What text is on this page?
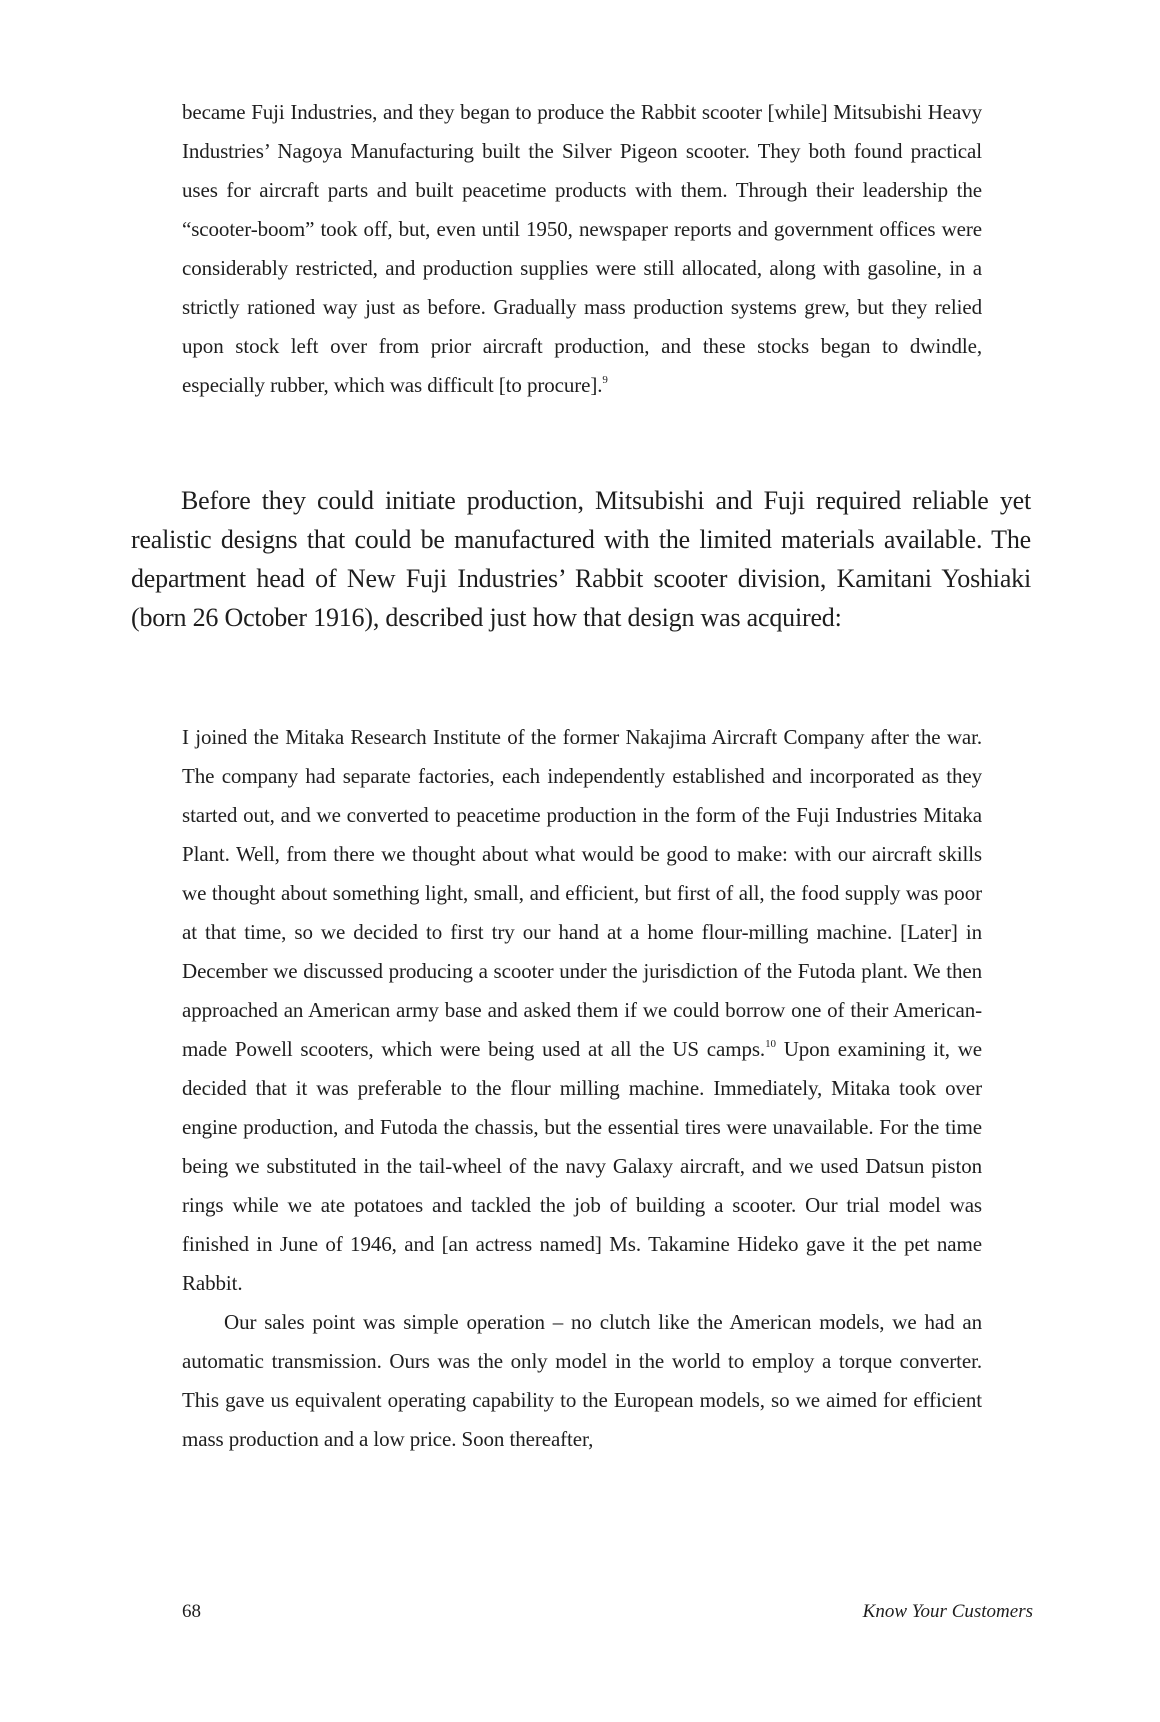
became Fuji Industries, and they began to produce the Rabbit scooter [while] Mitsubishi Heavy Industries’ Nagoya Manufacturing built the Silver Pigeon scooter. They both found practical uses for aircraft parts and built peacetime products with them. Through their leadership the “scooter-boom” took off, but, even until 1950, newspaper reports and government offices were considerably restricted, and production supplies were still allocated, along with gasoline, in a strictly rationed way just as before. Gradually mass production systems grew, but they relied upon stock left over from prior aircraft production, and these stocks began to dwindle, especially rubber, which was difficult [to procure].$^9$

Before they could initiate production, Mitsubishi and Fuji required reliable yet realistic designs that could be manufactured with the limited materials available. The department head of New Fuji Industries’ Rabbit scooter division, Kamitani Yoshiaki (born 26 October 1916), described just how that design was acquired:

I joined the Mitaka Research Institute of the former Nakajima Aircraft Company after the war. The company had separate factories, each independently established and incorporated as they started out, and we converted to peacetime production in the form of the Fuji Industries Mitaka Plant. Well, from there we thought about what would be good to make: with our aircraft skills we thought about something light, small, and efficient, but first of all, the food supply was poor at that time, so we decided to first try our hand at a home flour-milling machine. [Later] in December we discussed producing a scooter under the jurisdiction of the Futoda plant. We then approached an American army base and asked them if we could borrow one of their American-made Powell scooters, which were being used at all the US camps.$^{10}$ Upon examining it, we decided that it was preferable to the flour milling machine. Immediately, Mitaka took over engine production, and Futoda the chassis, but the essential tires were unavailable. For the time being we substituted in the tail-wheel of the navy Galaxy aircraft, and we used Datsun piston rings while we ate potatoes and tackled the job of building a scooter. Our trial model was finished in June of 1946, and [an actress named] Ms. Takamine Hideko gave it the pet name Rabbit.

Our sales point was simple operation – no clutch like the American models, we had an automatic transmission. Ours was the only model in the world to employ a torque converter. This gave us equivalent operating capability to the European models, so we aimed for efficient mass production and a low price. Soon thereafter,

68	Know Your Customers
